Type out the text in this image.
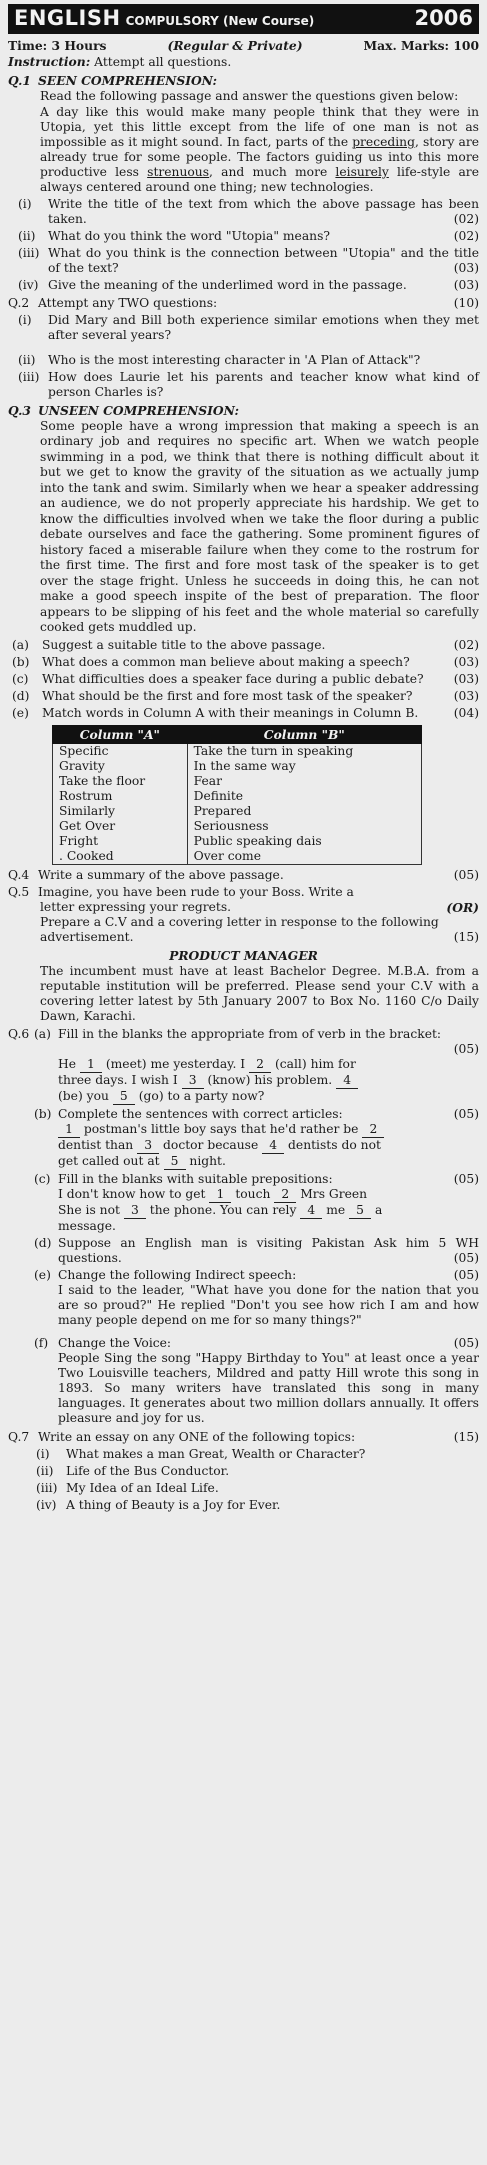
ENGLISH COMPULSORY (New Course)	2006
Time: 3 Hours	(Regular & Private)	Max. Marks: 100
Instruction: Attempt all questions.
Q.1 SEEN COMPREHENSION:
Read the following passage and answer the questions given below:
A day like this would make many people think that they were in Utopia, yet this little except from the life of one man is not as impossible as it might sound. In fact, parts of the preceding, story are already true for some people. The factors guiding us into this more productive less strenuous, and much more leisurely life-style are always centered around one thing; new technologies.
(i)	Write the title of the text from which the above passage has been taken.	(02)
(ii)	What do you think the word "Utopia" means?	(02)
(iii) What do you think is the connection between "Utopia" and the title of the text?	(03)
(iv) Give the meaning of the underlimed word in the passage.	(03)
Q.2 Attempt any TWO questions:	(10)
(i)	Did Mary and Bill both experience similar emotions when they met after several years?
(ii)	Who is the most interesting character in 'A Plan of Attack"?
(iii) How does Laurie let his parents and teacher know what kind of person Charles is?
Q.3 UNSEEN COMPREHENSION:
Some people have a wrong impression that making a speech is an ordinary job and requires no specific art. When we watch people swimming in a pod, we think that there is nothing difficult about it but we get to know the gravity of the situation as we actually jump into the tank and swim. Similarly when we hear a speaker addressing an audience, we do not properly appreciate his hardship. We get to know the difficulties involved when we take the floor during a public debate ourselves and face the gathering. Some prominent figures of history faced a miserable failure when they come to the rostrum for the first time. The first and fore most task of the speaker is to get over the stage fright. Unless he succeeds in doing this, he can not make a good speech inspite of the best of preparation. The floor appears to be slipping of his feet and the whole material so carefully cooked gets muddled up.
(a)	Suggest a suitable title to the above passage.	(02)
(b)	What does a common man believe about making a speech?	(03)
(c)	What difficulties does a speaker face during a public debate? (03)
(d)	What should be the first and fore most task of the speaker?	(03)
(e)	Match words in Column A with their meanings in Column B.	(04)
Column "A"	Column "B"
Specific	Take the turn in speaking
Gravity	In the same way
Take the floor	Fear
Rostrum	Definite
Similarly	Prepared
Get Over	Seriousness
Fright	Public speaking dais
. Cooked	Over come
Q.4 Write a summary of the above passage.	(05)
Q.5 Imagine, you have been rude to your Boss. Write a
letter expressing your regrets.	(OR)
Prepare a C.V and a covering letter in response to the following advertisement.	(15)
PRODUCT MANAGER
The incumbent must have at least Bachelor Degree. M.B.A. from a reputable institution will be preferred. Please send your C.V with a covering letter latest by 5th January 2007 to Box No. 1160 C/o Daily Dawn, Karachi.
Q.6 (a) Fill in the blanks the appropriate from of verb in the bracket:
(05)
He 1 (meet) me yesterday. I 2 (call) him for
three days. I wish I 3 (know) his problem. 4
(be) you 5 (go) to a party now?
(b) Complete the sentences with correct articles:	(05)
1 postman's little boy says that he'd rather be 2
dentist than 3 doctor because 4 dentists do not
get called out at 5 night.
(c) Fill in the blanks with suitable prepositions:	(05)
I don't know how to get 1 touch 2 Mrs Green
She is not 3 the phone. You can rely 4 me 5 a
message.
(d) Suppose an English man is visiting Pakistan Ask him 5 WH questions.	(05)
(e) Change the following Indirect speech:	(05)
I said to the leader, "What have you done for the nation that you are so proud?" He replied "Don't you see how rich I am and how many people depend on me for so many things?"
(f) Change the Voice:	(05)
People Sing the song "Happy Birthday to You" at least once a year Two Louisville teachers, Mildred and patty Hill wrote this song in 1893. So many writers have translated this song in many languages. It generates about two million dollars annually. It offers pleasure and joy for us.
Q.7 Write an essay on any ONE of the following topics:	(15)
(i)	What makes a man Great, Wealth or Character?
(ii)	Life of the Bus Conductor.
(iii) My Idea of an Ideal Life.
(iv) A thing of Beauty is a Joy for Ever.
